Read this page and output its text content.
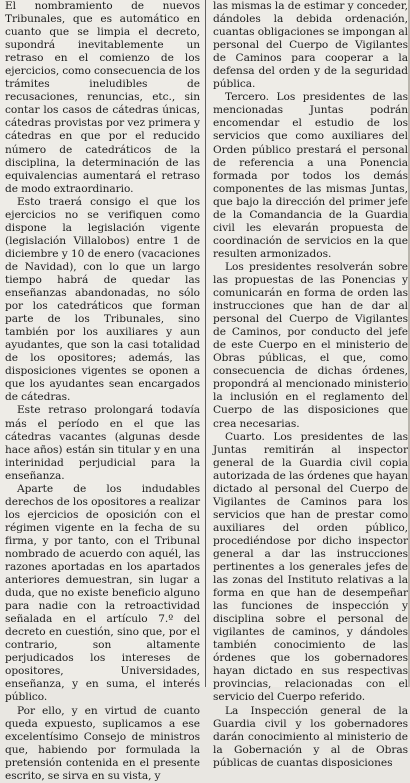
El nombramiento de nuevos Tribunales, que es automático en cuanto que se limpia el decreto, supondrá inevitablemente un retraso en el comienzo de los ejercicios, como consecuencia de los trámites ineludibles de recusaciones, renuncias, etc., sin contar los casos de cátedras únicas, cátedras provistas por vez primera y cátedras en que por el reducido número de catedráticos de la disciplina, la determinación de las equivalencias aumentará el retraso de modo extraordinario.

Esto traerá consigo el que los ejercicios no se verifiquen como dispone la legislación vigente (legislación Villalobos) entre 1 de diciembre y 10 de enero (vacaciones de Navidad), con lo que un largo tiempo habrá de quedar las enseñanzas abandonadas, no sólo por los catedráticos que forman parte de los Tribunales, sino también por los auxiliares y aun ayudantes, que son la casi totalidad de los opositores; además, las disposiciones vigentes se oponen a que los ayudantes sean encargados de cátedras.

Este retraso prolongará todavía más el período en el que las cátedras vacantes (algunas desde hace años) están sin titular y en una interinidad perjudicial para la enseñanza.

Aparte de los indudables derechos de los opositores a realizar los ejercicios de oposición con el régimen vigente en la fecha de su firma, y por tanto, con el Tribunal nombrado de acuerdo con aquél, las razones aportadas en los apartados anteriores demuestran, sin lugar a duda, que no existe beneficio alguno para nadie con la retroactividad señalada en el artículo 7.º del decreto en cuestión, sino que, por el contrario, son altamente perjudicados los intereses de opositores, Universidades, enseñanza, y en suma, el interés público.

Por ello, y en virtud de cuanto queda expuesto, suplicamos a ese excelentísimo Consejo de ministros que, habiendo por formulada la pretensión contenida en el presente escrito, se sirva en su vista, y

las mismas la de estimar y conceder, dándoles la debida ordenación, cuantas obligaciones se impongan al personal del Cuerpo de Vigilantes de Caminos para cooperar a la defensa del orden y de la seguridad pública.

Tercero. Los presidentes de las mencionadas Juntas podrán encomendar el estudio de los servicios que como auxiliares del Orden público prestará el personal de referencia a una Ponencia formada por todos los demás componentes de las mismas Juntas, que bajo la dirección del primer jefe de la Comandancia de la Guardia civil les elevarán propuesta de coordinación de servicios en la que resulten armonizados.

Los presidentes resolverán sobre las propuestas de las Ponencias y comunicarán en forma de orden las instrucciones que han de dar al personal del Cuerpo de Vigilantes de Caminos, por conducto del jefe de este Cuerpo en el ministerio de Obras públicas, el que, como consecuencia de dichas órdenes, propondrá al mencionado ministerio la inclusión en el reglamento del Cuerpo de las disposiciones que crea necesarias.

Cuarto. Los presidentes de las Juntas remitirán al inspector general de la Guardia civil copia autorizada de las órdenes que hayan dictado al personal del Cuerpo de Vigilantes de Caminos para los servicios que han de prestar como auxiliares del orden público, procediéndose por dicho inspector general a dar las instrucciones pertinentes a los generales jefes de las zonas del Instituto relativas a la forma en que han de desempeñar las funciones de inspección y disciplina sobre el personal de vigilantes de caminos, y dándoles también conocimiento de las órdenes que los gobernadores hayan dictado en sus respectivas provincias, relacionadas con el servicio del Cuerpo referido.

La Inspección general de la Guardia civil y los gobernadores darán conocimiento al ministerio de la Gobernación y al de Obras públicas de cuantas disposiciones
